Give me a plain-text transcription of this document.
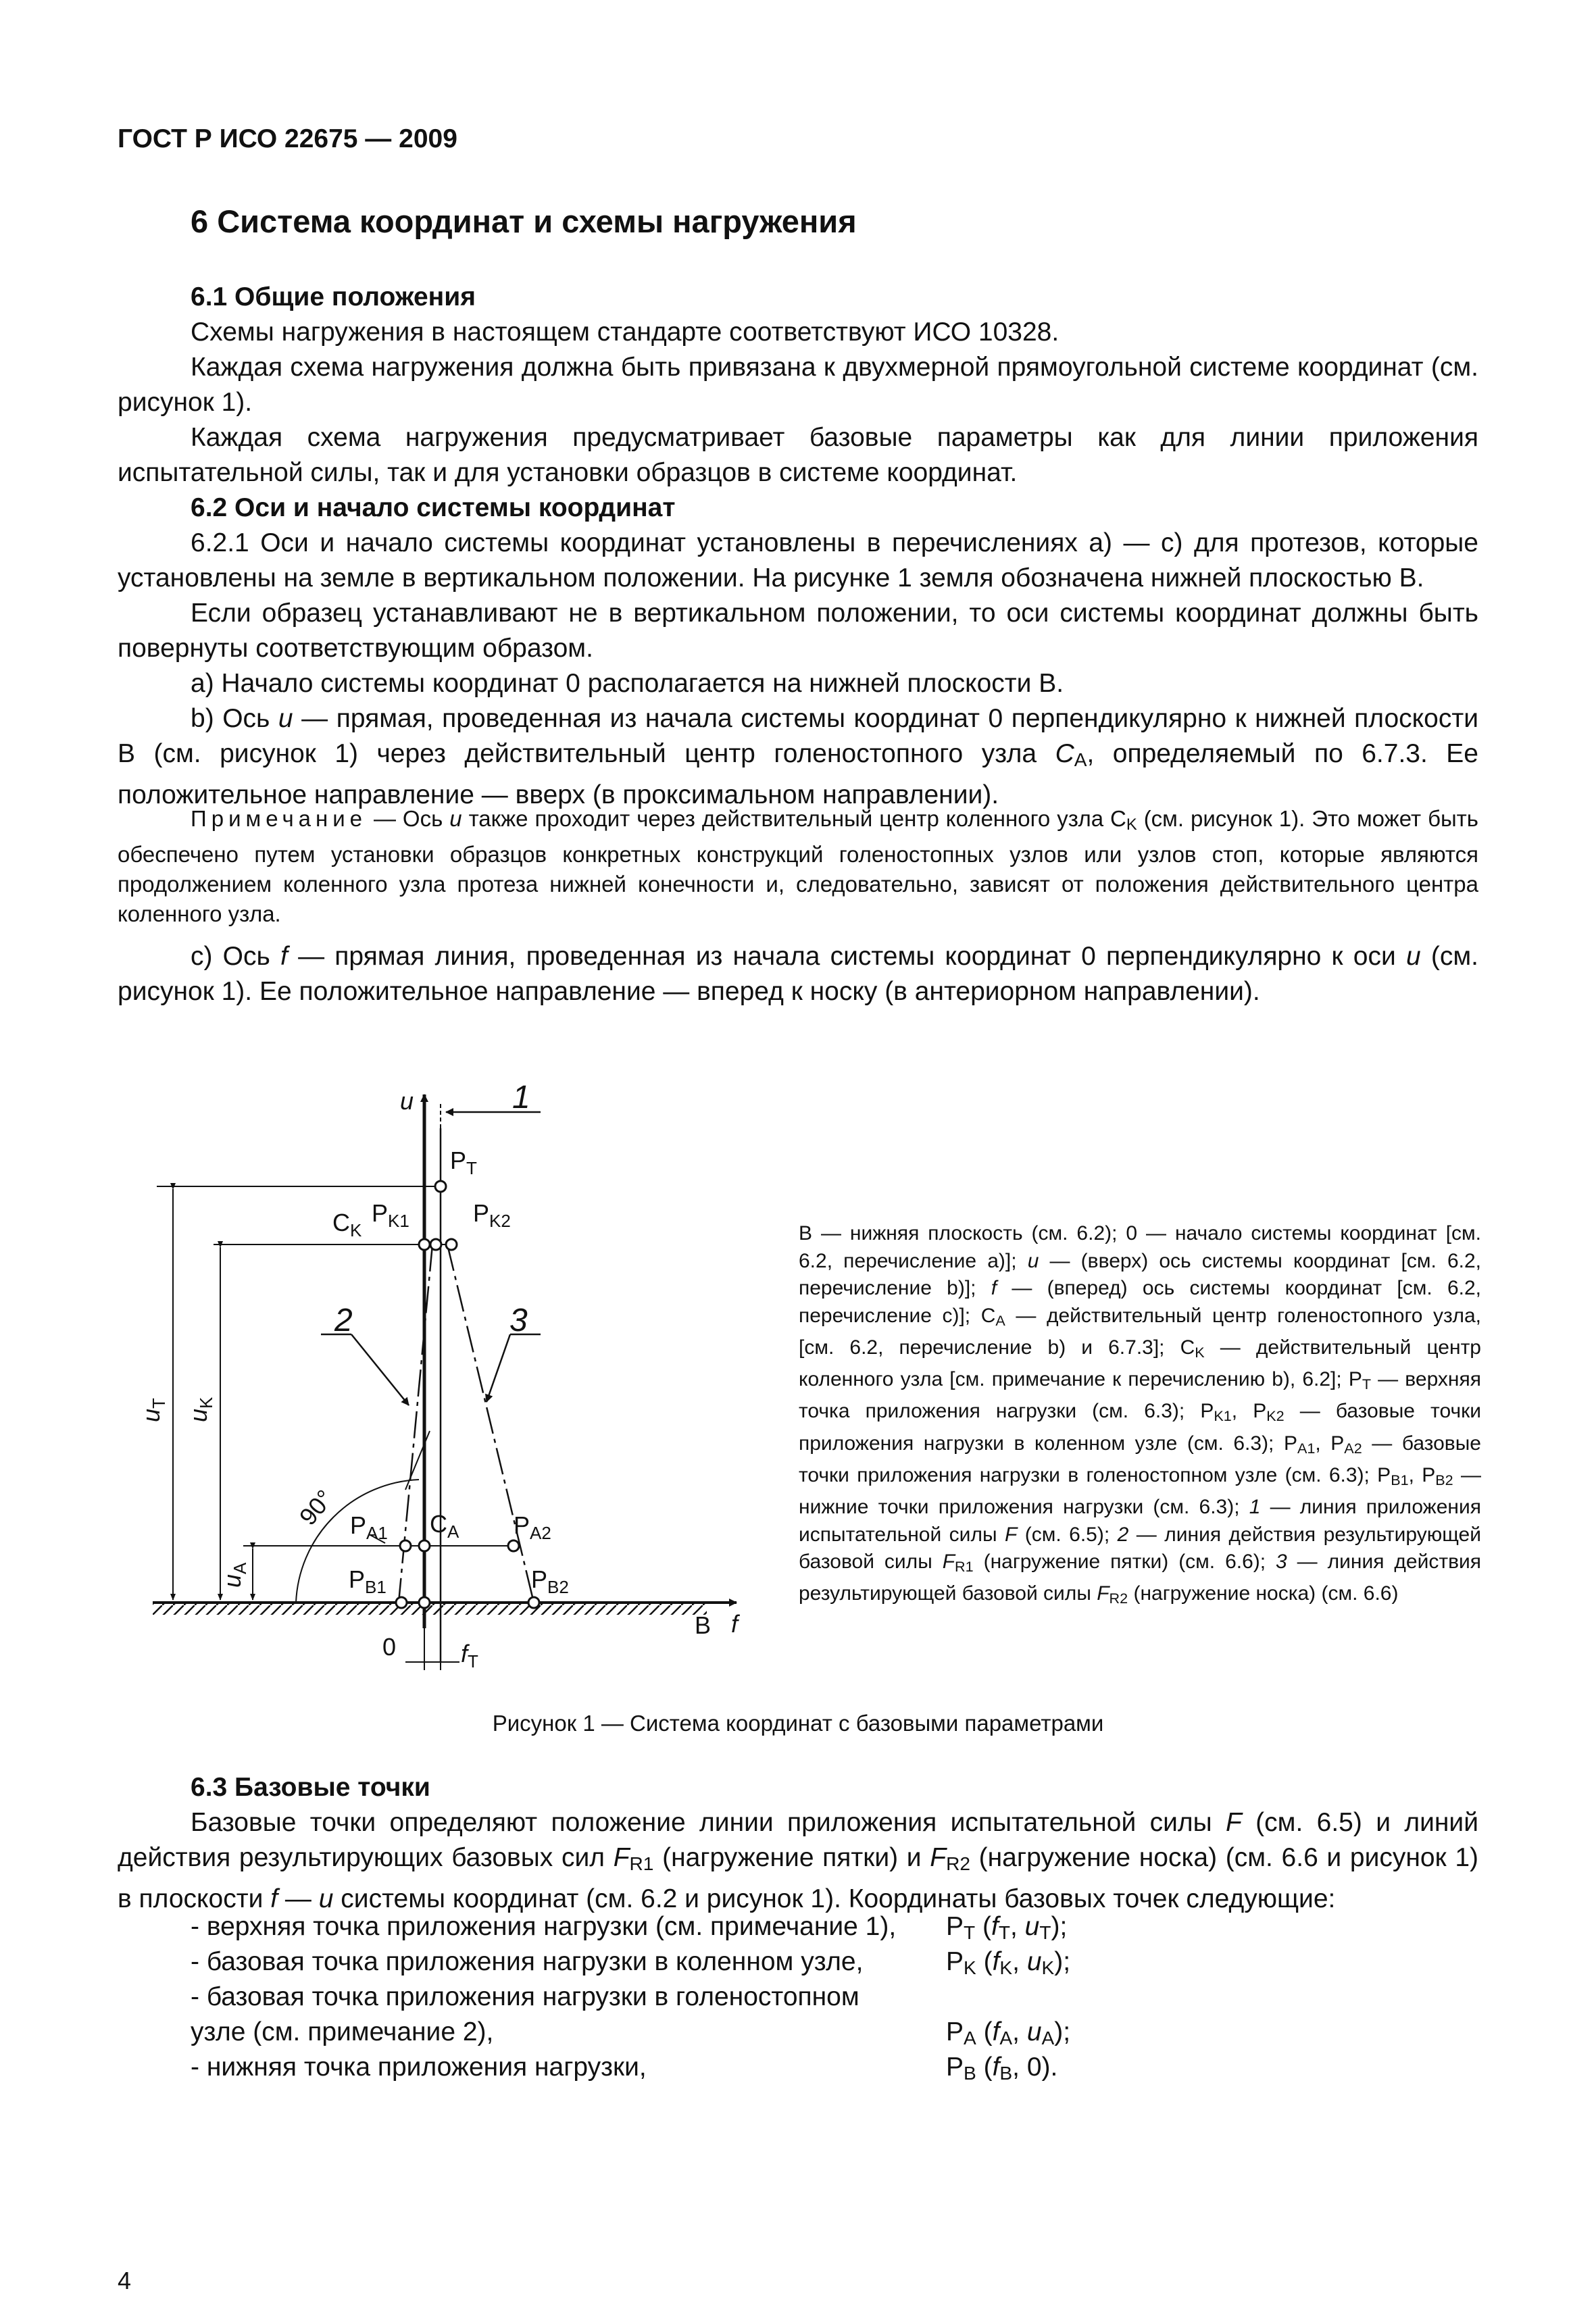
ГОСТ Р ИСО 22675 — 2009
6 Система координат и схемы нагружения
6.1 Общие положения

Схемы нагружения в настоящем стандарте соответствуют ИСО 10328.

Каждая схема нагружения должна быть привязана к двухмерной прямоугольной системе координат (см. рисунок 1).

Каждая схема нагружения предусматривает базовые параметры как для линии приложения испытательной силы, так и для установки образцов в системе координат.

6.2 Оси и начало системы координат

6.2.1 Оси и начало системы координат установлены в перечислениях а) — с) для протезов, которые установлены на земле в вертикальном положении. На рисунке 1 земля обозначена нижней плоскостью B.

Если образец устанавливают не в вертикальном положении, то оси системы координат должны быть повернуты соответствующим образом.

а) Начало системы координат 0 располагается на нижней плоскости B.

b) Ось u — прямая, проведенная из начала системы координат 0 перпендикулярно к нижней плоскости B (см. рисунок 1) через действительный центр голеностопного узла $C_A$, определяемый по 6.7.3. Ее положительное направление — вверх (в проксимальном направлении).

Примечание — Ось u также проходит через действительный центр коленного узла $C_K$ (см. рисунок 1). Это может быть обеспечено путем установки образцов конкретных конструкций голеностопных узлов или узлов стоп, которые являются продолжением коленного узла протеза нижней конечности и, следовательно, зависят от положения действительного центра коленного узла.

с) Ось f — прямая линия, проведенная из начала системы координат 0 перпендикулярно к оси u (см. рисунок 1). Ее положительное направление — вперед к носку (в антериорном направлении).

u	1
2	3
$P_T$
$C_K$
$P_{K1}$	$P_{K2}$
$P_{A1}$ $C_A$ $P_{A2}$
$P_{B1}$	$P_{B2}$
B f
0	$f_T$
$u_T$
$u_K$
$u_A$
90°
B — нижняя плоскость (см. 6.2); 0 — начало системы координат [см. 6.2, перечисление a)]; u — (вверх) ось системы координат [см. 6.2, перечисление b)]; f — (вперед) ось системы координат [см. 6.2, перечисление c)]; $C_A$ — действительный центр голеностопного узла, [см. 6.2, перечисление b) и 6.7.3]; $C_K$ — действительный центр коленного узла [см. примечание к перечислению b), 6.2]; $P_T$ — верхняя точка приложения нагрузки (см. 6.3); $P_{K1}$, $P_{K2}$ — базовые точки приложения нагрузки в коленном узле (см. 6.3); $P_{A1}$, $P_{A2}$ — базовые точки приложения нагрузки в голеностопном узле (см. 6.3); $P_{B1}$, $P_{B2}$ — нижние точки приложения нагрузки (см. 6.3); 1 — линия приложения испытательной силы F (см. 6.5); 2 — линия действия результирующей базовой силы $F_{R1}$ (нагружение пятки) (см. 6.6); 3 — линия действия результирующей базовой силы $F_{R2}$ (нагружение носка) (см. 6.6)
Рисунок 1 — Система координат с базовыми параметрами
6.3 Базовые точки

Базовые точки определяют положение линии приложения испытательной силы F (см. 6.5) и линий действия результирующих базовых сил $F_{R1}$ (нагружение пятки) и $F_{R2}$ (нагружение носка) (см. 6.6 и рисунок 1) в плоскости f — u системы координат (см. 6.2 и рисунок 1). Координаты базовых точек следующие:

- верхняя точка приложения нагрузки (см. примечание 1), $P_T$ ($f_T$, $u_T$);
- базовая точка приложения нагрузки в коленном узле,	$P_K$ ($f_K$, $u_K$);
- базовая точка приложения нагрузки в голеностопном
узле (см. примечание 2),	$P_A$ ($f_A$, $u_A$);
- нижняя точка приложения нагрузки,	$P_B$ ($f_B$, 0).
4
